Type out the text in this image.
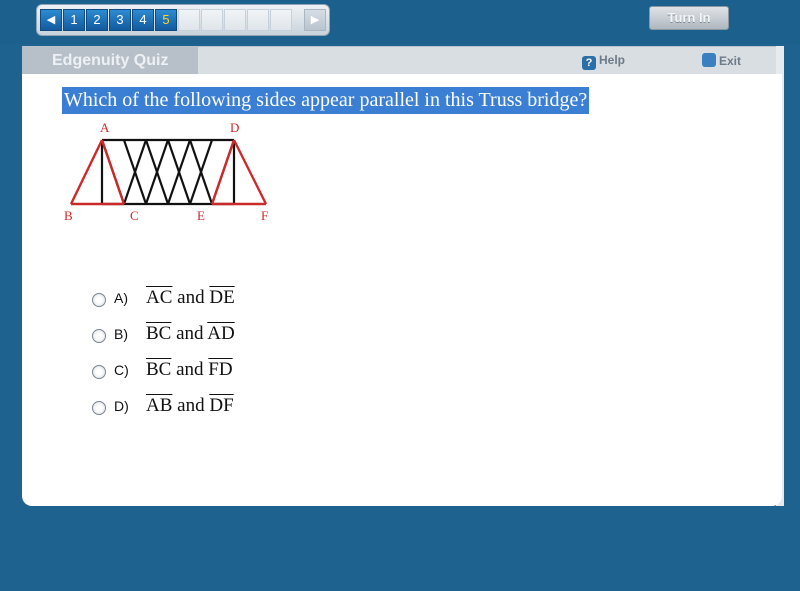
◀	1	2	3	4	5	▶	Turn In
Edgenuity Quiz	? Help	Exit
Which of the following sides appear parallel in this Truss bridge?
A	D
B	C	E	F
A) $\overline{AC}$ and $\overline{DE}$
B) $\overline{BC}$ and $\overline{AD}$
C) $\overline{BC}$ and $\overline{FD}$
D) $\overline{AB}$ and $\overline{DF}$
